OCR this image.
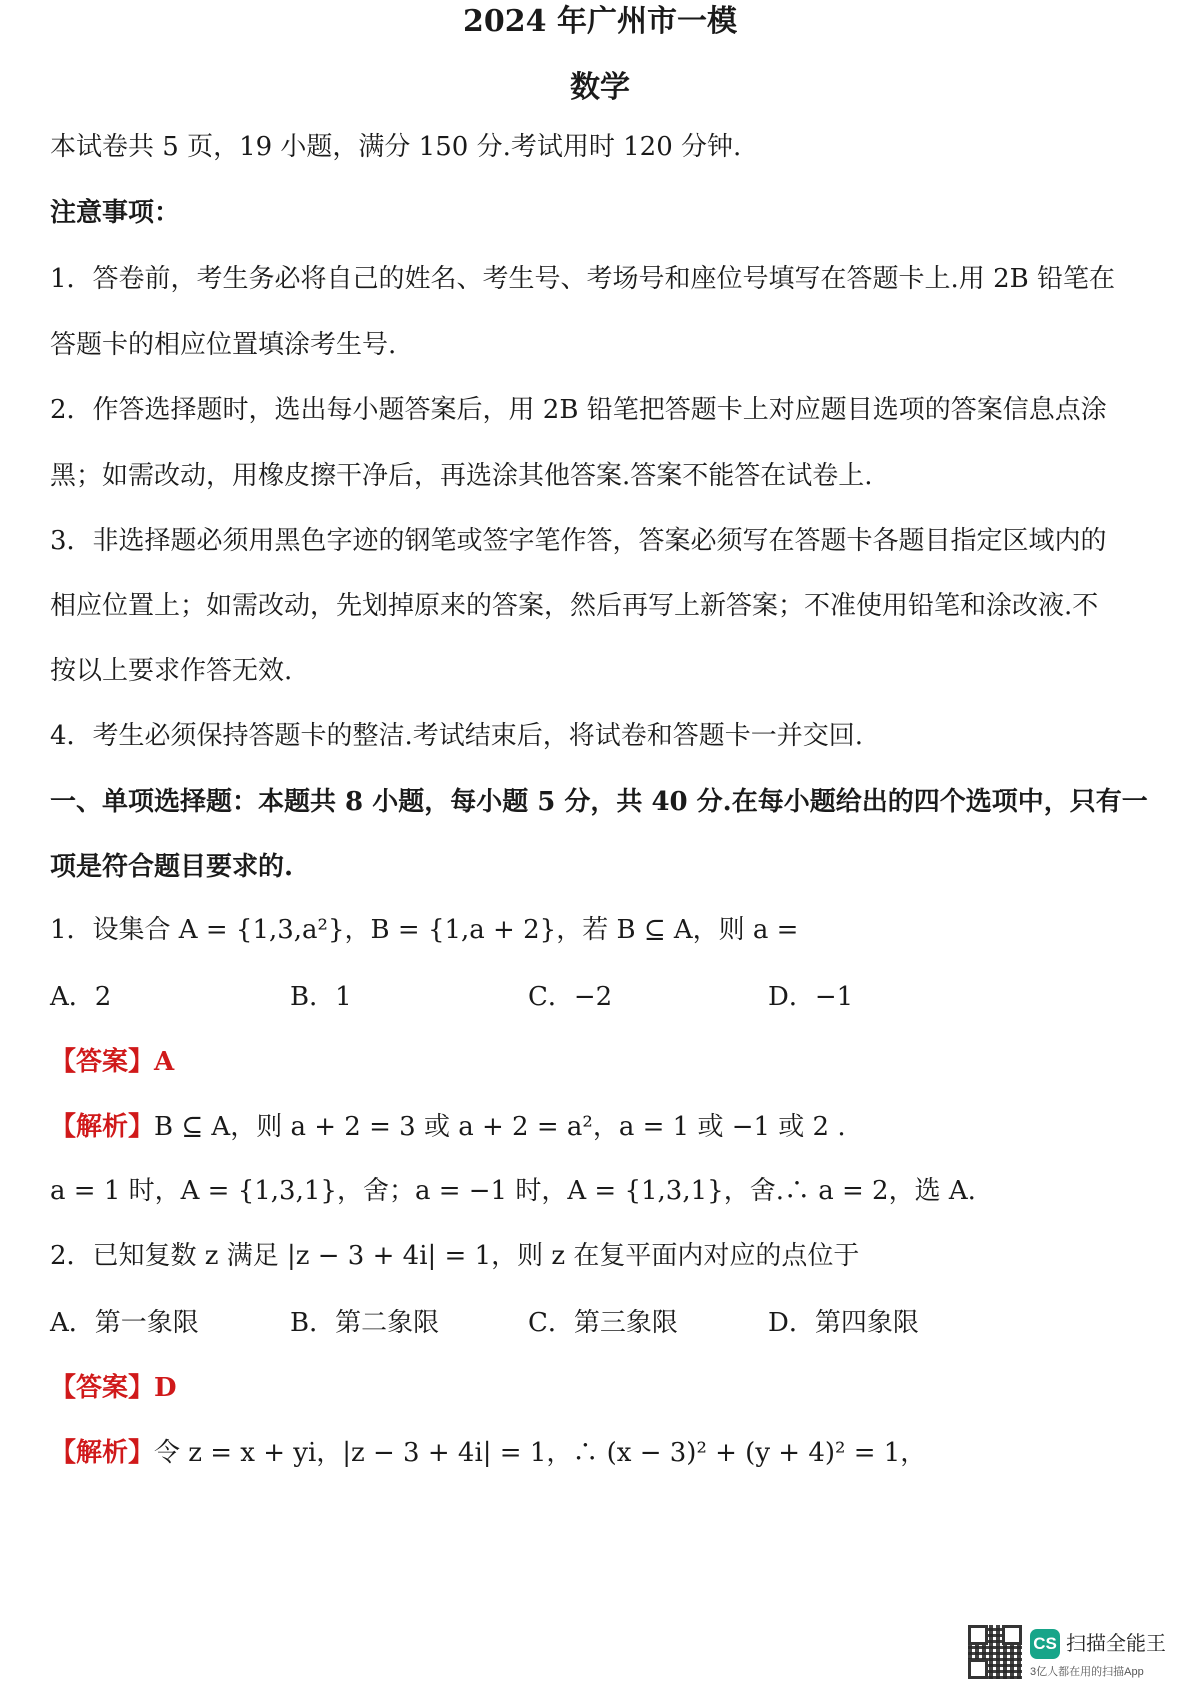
2024 年广州市一模
数学
本试卷共 5 页，19 小题，满分 150 分.考试用时 120 分钟.
注意事项：
1．答卷前，考生务必将自己的姓名、考生号、考场号和座位号填写在答题卡上.用 2B 铅笔在
答题卡的相应位置填涂考生号.
2．作答选择题时，选出每小题答案后，用 2B 铅笔把答题卡上对应题目选项的答案信息点涂
黑；如需改动，用橡皮擦干净后，再选涂其他答案.答案不能答在试卷上.
3．非选择题必须用黑色字迹的钢笔或签字笔作答，答案必须写在答题卡各题目指定区域内的
相应位置上；如需改动，先划掉原来的答案，然后再写上新答案；不准使用铅笔和涂改液.不
按以上要求作答无效.
4．考生必须保持答题卡的整洁.考试结束后，将试卷和答题卡一并交回.
一、单项选择题：本题共 8 小题，每小题 5 分，共 40 分.在每小题给出的四个选项中，只有一
项是符合题目要求的.
1．设集合 A = {1,3,a²}，B = {1,a + 2}，若 B ⊆ A，则 a =
A．2	B．1	C．−2	D．−1
【答案】A
【解析】B ⊆ A，则 a + 2 = 3 或 a + 2 = a²，a = 1 或 −1 或 2 .
a = 1 时，A = {1,3,1}，舍；a = −1 时，A = {1,3,1}，舍.∴ a = 2，选 A.
2．已知复数 z 满足 |z − 3 + 4i| = 1，则 z 在复平面内对应的点位于
A．第一象限	B．第二象限	C．第三象限	D．第四象限
【答案】D
【解析】令 z = x + yi，|z − 3 + 4i| = 1，∴ (x − 3)² + (y + 4)² = 1，
CS 扫描全能王
3亿人都在用的扫描App
